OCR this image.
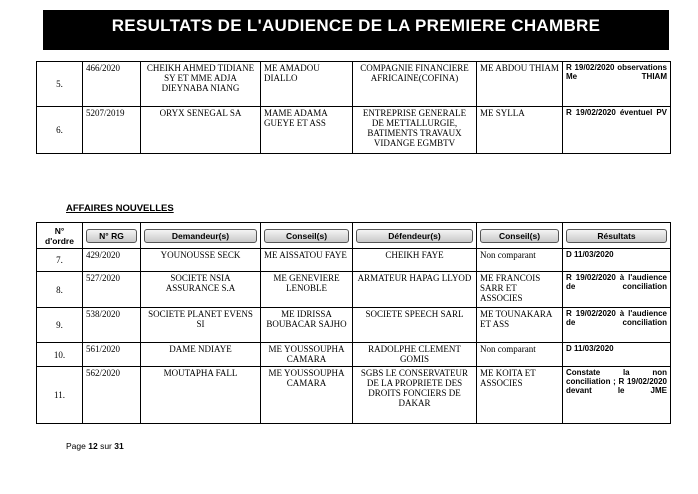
RESULTATS DE L'AUDIENCE DE LA PREMIERE CHAMBRE
5.	466/2020	CHEIKH AHMED TIDIANE SY ET MME ADJA DIEYNABA NIANG	ME AMADOU DIALLO	COMPAGNIE FINANCIERE AFRICAINE(COFINA)	ME ABDOU THIAM	R 19/02/2020 observations Me THIAM
6.	5207/2019	ORYX SENEGAL SA	MAME ADAMA GUEYE ET ASS	ENTREPRISE GENERALE DE METTALLURGIE, BATIMENTS TRAVAUX VIDANGE EGMBTV	ME SYLLA	R 19/02/2020 éventuel PV
AFFAIRES NOUVELLES
N° d'ordre	N° RG	Demandeur(s)	Conseil(s)	Défendeur(s)	Conseil(s)	Résultats

7.	429/2020	YOUNOUSSE SECK	ME AISSATOU FAYE	CHEIKH FAYE	Non comparant	D 11/03/2020
8.	527/2020	SOCIETE NSIA ASSURANCE S.A	ME GENEVIERE LENOBLE	ARMATEUR HAPAG LLYOD	ME FRANCOIS SARR ET ASSOCIES	R 19/02/2020 à l'audience de conciliation
9.	538/2020	SOCIETE PLANET EVENS SI	ME IDRISSA BOUBACAR SAJHO	SOCIETE SPEECH SARL	ME TOUNAKARA ET ASS	R 19/02/2020 à l'audience de conciliation
10.	561/2020	DAME NDIAYE	ME YOUSSOUPHA CAMARA	RADOLPHE CLEMENT GOMIS	Non comparant	D 11/03/2020
11.	562/2020	MOUTAPHA FALL	ME YOUSSOUPHA CAMARA	SGBS LE CONSERVATEUR DE LA PROPRIETE DES DROITS FONCIERS DE DAKAR	ME KOITA ET ASSOCIES	Constate la non conciliation ; R 19/02/2020 devant le JME
Page 12 sur 31
